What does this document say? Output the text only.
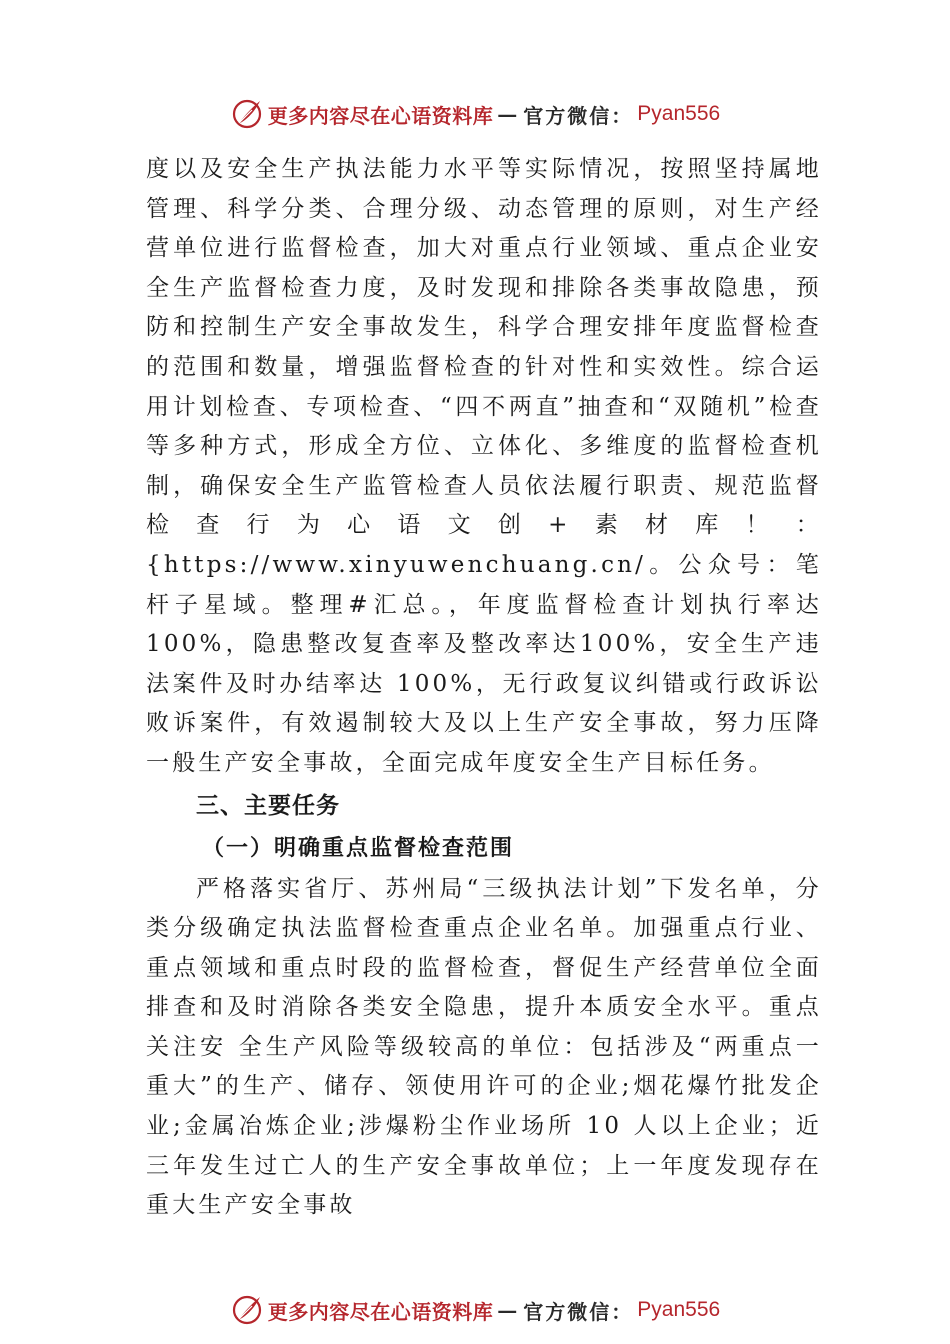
更多内容尽在心语资料库 — 官方微信： Pyan556

度以及安全生产执法能力水平等实际情况，按照坚持属地管理、科学分类、合理分级、动态管理的原则，对生产经营单位进行监督检查，加大对重点行业领域、重点企业安全生产监督检查力度，及时发现和排除各类事故隐患，预防和控制生产安全事故发生，科学合理安排年度监督检查的范围和数量，增强监督检查的针对性和实效性。综合运用计划检查、专项检查、“四不两直”抽查和“双随机”检查等多种方式，形成全方位、立体化、多维度的监督检查机制，确保安全生产监管检查人员依法履行职责、规范监督检查行为心语文创+素材库！：{https://www.xinyuwenchuang.cn/。公众号：笔杆子星域。整理#汇总。，年度监督检查计划执行率达100%，隐患整改复查率及整改率达100%，安全生产违法案件及时办结率达 100%，无行政复议纠错或行政诉讼败诉案件，有效遏制较大及以上生产安全事故，努力压降一般生产安全事故，全面完成年度安全生产目标任务。

三、主要任务
（一）明确重点监督检查范围

严格落实省厅、苏州局“三级执法计划”下发名单，分类分级确定执法监督检查重点企业名单。加强重点行业、重点领域和重点时段的监督检查，督促生产经营单位全面排查和及时消除各类安全隐患，提升本质安全水平。重点关注安 全生产风险等级较高的单位：包括涉及“两重点一重大”的生产、储存、领使用许可的企业;烟花爆竹批发企业;金属冶炼企业;涉爆粉尘作业场所 10 人以上企业；近三年发生过亡人的生产安全事故单位；上一年度发现存在重大生产安全事故

更多内容尽在心语资料库 — 官方微信： Pyan556
